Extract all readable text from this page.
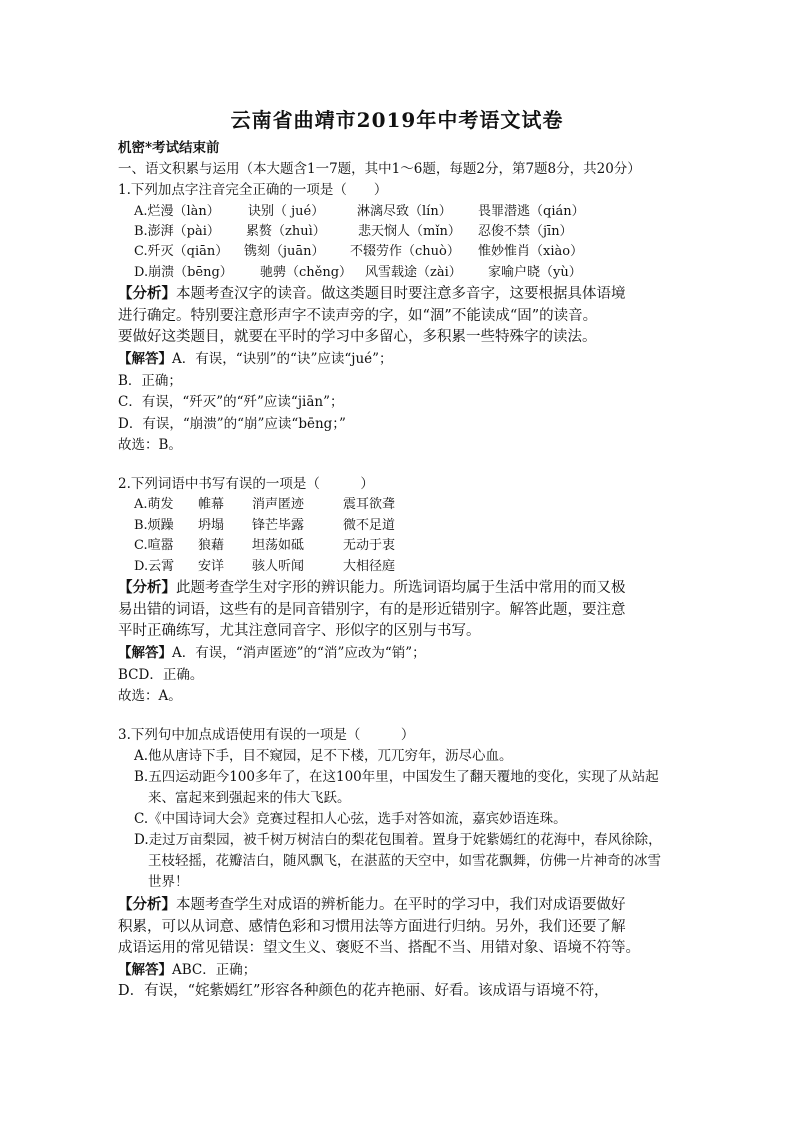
云南省曲靖市2019年中考语文试卷
机密*考试结束前
一、语文积累与运用（本大题含1一7题，其中1～6题，每题2分，第7题8分，共20分）
1.下列加点字注音完全正确的一项是（　　）
A.烂漫（làn） 诀别（ jué）	淋漓尽致（lín） 畏罪潜逃（qián）
B.澎湃（pài） 累赘（zhuì） 悲天悯人（mǐn） 忍俊不禁（jīn）
C.歼灭（qiān） 镌刻（juān） 不辍劳作（chuò） 惟妙惟肖（xiào）
D.崩溃（bēng） 驰骋（chěng） 风雪载途（zài） 家喻户晓（yù）
【分析】本题考查汉字的读音。做这类题目时要注意多音字，这要根据具体语境
进行确定。特别要注意形声字不读声旁的字，如“涸”不能读成“固”的读音。
要做好这类题目，就要在平时的学习中多留心，多积累一些特殊字的读法。
【解答】A．有误，“诀别”的“诀”应读“jué”；
B．正确；
C．有误，“歼灭”的“歼”应读“jiān”；
D．有误，“崩溃”的“崩”应读“bēng；”
故选：B。
2.下列词语中书写有误的一项是（　　　）
A.萌发 帷幕 消声匿迹	震耳欲聋
B.烦躁 坍塌 锋芒毕露	微不足道
C.喧嚣 狼藉 坦荡如砥	无动于衷
D.云霄 安详 骇人听闻	大相径庭
【分析】此题考查学生对字形的辨识能力。所选词语均属于生活中常用的而又极
易出错的词语，这些有的是同音错别字，有的是形近错别字。解答此题，要注意
平时正确练写，尤其注意同音字、形似字的区别与书写。
【解答】A．有误，“消声匿迹”的“消”应改为“销”；
BCD．正确。
故选：A。
3.下列句中加点成语使用有误的一项是（　　　）
A.他从唐诗下手，目不窥园，足不下楼，兀兀穷年，沥尽心血。
B.五四运动距今100多年了，在这100年里，中国发生了翻天覆地的变化，实现了从站起
来、富起来到强起来的伟大飞跃。
C.《中国诗词大会》竞赛过程扣人心弦，选手对答如流，嘉宾妙语连珠。
D.走过万亩梨园，被千树万树洁白的梨花包围着。置身于姹紫嫣红的花海中，春风徐除，
王枝轻摇，花瓣洁白，随风飘飞，在湛蓝的天空中，如雪花飘舞，仿佛一片神奇的冰雪
世界！
【分析】本题考查学生对成语的辨析能力。在平时的学习中，我们对成语要做好
积累，可以从词意、感情色彩和习惯用法等方面进行归纳。另外，我们还要了解
成语运用的常见错误：望文生义、褒贬不当、搭配不当、用错对象、语境不符等。
【解答】ABC．正确；
D．有误，“姹紫嫣红”形容各种颜色的花卉艳丽、好看。该成语与语境不符，
